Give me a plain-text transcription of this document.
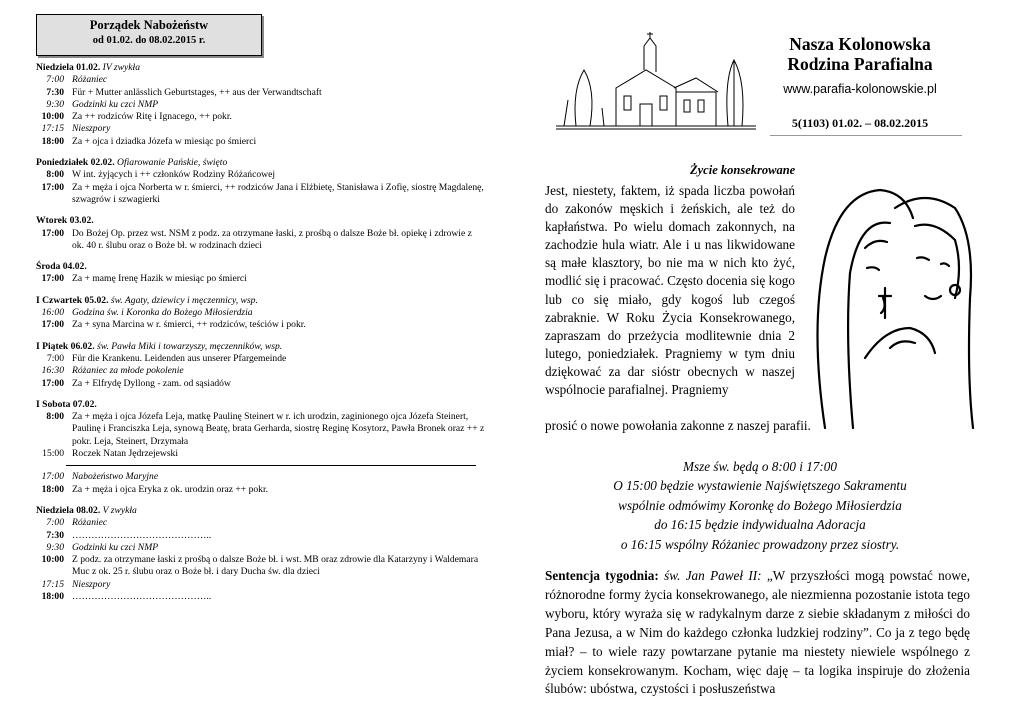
Porządek Nabożeństw
od 01.02. do 08.02.2015 r.
Niedziela 01.02. IV zwykła
7:00 Różaniec
7:30 Für + Mutter anlässlich Geburtstages, ++ aus der Verwandtschaft
9:30 Godzinki ku czci NMP
10:00 Za ++ rodziców Ritę i Ignacego, ++ pokr.
17:15 Nieszpory
18:00 Za + ojca i dziadka Józefa w miesiąc po śmierci
Poniedziałek 02.02. Ofiarowanie Pańskie, święto
8:00 W int. żyjących i ++ członków Rodziny Różańcowej
17:00 Za + męża i ojca Norberta w r. śmierci, ++ rodziców Jana i Elżbietę, Stanisława i Zofię, siostrę Magdalenę, szwagrów i szwagierki
Wtorek 03.02.
17:00 Do Bożej Op. przez wst. NSM z podz. za otrzymane łaski, z prośbą o dalsze Boże bł. opiekę i zdrowie z ok. 40 r. ślubu oraz o Boże bł. w rodzinach dzieci
Środa 04.02.
17:00 Za + mamę Irenę Hazik w miesiąc po śmierci
I Czwartek 05.02. św. Agaty, dziewicy i męczennicy, wsp.
16:00 Godzina św. i Koronka do Bożego Miłosierdzia
17:00 Za + syna Marcina w r. śmierci, ++ rodziców, teściów i pokr.
I Piątek 06.02. św. Pawła Miki i towarzyszy, męczenników, wsp.
7:00 Für die Krankenu. Leidenden aus unserer Pfargemeinde
16:30 Różaniec za młode pokolenie
17:00 Za + Elfrydę Dyllong - zam. od sąsiadów
I Sobota 07.02.
8:00 Za + męża i ojca Józefa Leja, matkę Paulinę Steinert w r. ich urodzin, zaginionego ojca Józefa Steinert, Paulinę i Franciszka Leja, synową Beatę, brata Gerharda, siostrę Reginę Kosytorz, Pawła Bronek oraz ++ z pokr. Leja, Steinert, Drzymała
15:00 Roczek Natan Jędrzejewski
17:00 Nabożeństwo Maryjne
18:00 Za + męża i ojca Eryka z ok. urodzin oraz ++ pokr.
Niedziela 08.02. V zwykła
7:00 Różaniec
7:30 ……………………………………..
9:30 Godzinki ku czci NMP
10:00 Z podz. za otrzymane łaski z prośbą o dalsze Boże bł. i wst. MB oraz zdrowie dla Katarzyny i Waldemara Muc z ok. 25 r. ślubu oraz o Boże bł. i dary Ducha św. dla dzieci
17:15 Nieszpory
18:00 ……………………………………..
Nasza Kolonowska
Rodzina Parafialna
www.parafia-kolonowskie.pl
5(1103) 01.02. – 08.02.2015
Życie konsekrowane
Jest, niestety, faktem, iż spada liczba powołań do zakonów męskich i żeńskich, ale też do kapłaństwa. Po wielu domach zakonnych, na zachodzie hula wiatr. Ale i u nas likwidowane są małe klasztory, bo nie ma w nich kto żyć, modlić się i pracować. Często docenia się kogo lub co się miało, gdy kogoś lub czegoś zabraknie. W Roku Życia Konsekrowanego, zapraszam do przeżycia modlitewnie dnia 2 lutego, poniedziałek. Pragniemy w tym dniu dziękować za dar sióstr obecnych w naszej wspólnocie parafialnej. Pragniemy
prosić o nowe powołania zakonne z naszej parafii.
Msze św. będą o 8:00 i 17:00
O 15:00 będzie wystawienie Najświętszego Sakramentu
wspólnie odmówimy Koronkę do Bożego Miłosierdzia
do 16:15 będzie indywidualna Adoracja
o 16:15 wspólny Różaniec prowadzony przez siostry.
Sentencja tygodnia: św. Jan Paweł II: „W przyszłości mogą powstać nowe, różnorodne formy życia konsekrowanego, ale niezmienna pozostanie istota tego wyboru, który wyraża się w radykalnym darze z siebie składanym z miłości do Pana Jezusa, a w Nim do każdego członka ludzkiej rodziny”. Co ja z tego będę miał? – to wiele razy powtarzane pytanie ma niestety niewiele wspólnego z życiem konsekrowanym. Kocham, więc daję – ta logika inspiruje do złożenia ślubów: ubóstwa, czystości i posłuszeństwa
